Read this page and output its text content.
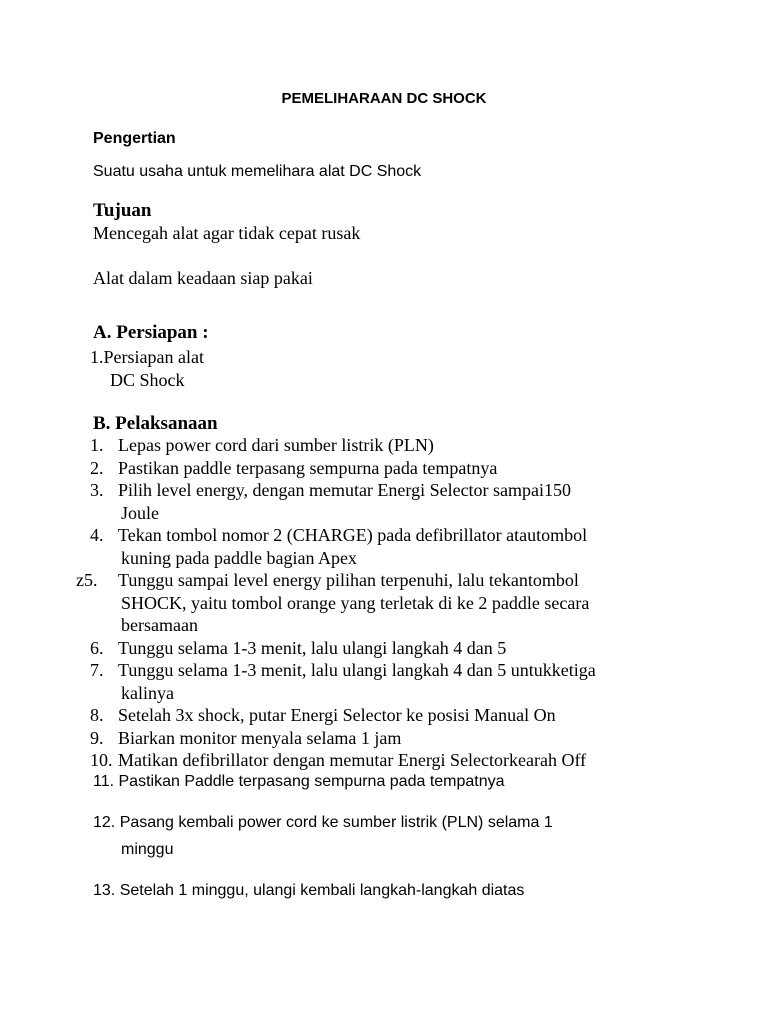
PEMELIHARAAN DC SHOCK
Pengertian
Suatu usaha untuk memelihara alat DC Shock
Tujuan
Mencegah alat agar tidak cepat rusak
Alat dalam keadaan siap pakai
A. Persiapan :
1.Persiapan alat
DC Shock
B. Pelaksanaan
1. Lepas power cord dari sumber listrik (PLN)
2. Pastikan paddle terpasang sempurna pada tempatnya
3. Pilih level energy, dengan memutar Energi Selector sampai150
Joule
4. Tekan tombol nomor 2 (CHARGE) pada defibrillator atautombol
kuning pada paddle bagian Apex
z5.	Tunggu sampai level energy pilihan terpenuhi, lalu tekantombol
SHOCK, yaitu tombol orange yang terletak di ke 2 paddle secara
bersamaan
6. Tunggu selama 1-3 menit, lalu ulangi langkah 4 dan 5
7. Tunggu selama 1-3 menit, lalu ulangi langkah 4 dan 5 untukketiga
kalinya
8. Setelah 3x shock, putar Energi Selector ke posisi Manual On
9. Biarkan monitor menyala selama 1 jam
10. Matikan defibrillator dengan memutar Energi Selectorkearah Off
11. Pastikan Paddle terpasang sempurna pada tempatnya
12. Pasang kembali power cord ke sumber listrik (PLN) selama 1
minggu
13. Setelah 1 minggu, ulangi kembali langkah-langkah diatas
